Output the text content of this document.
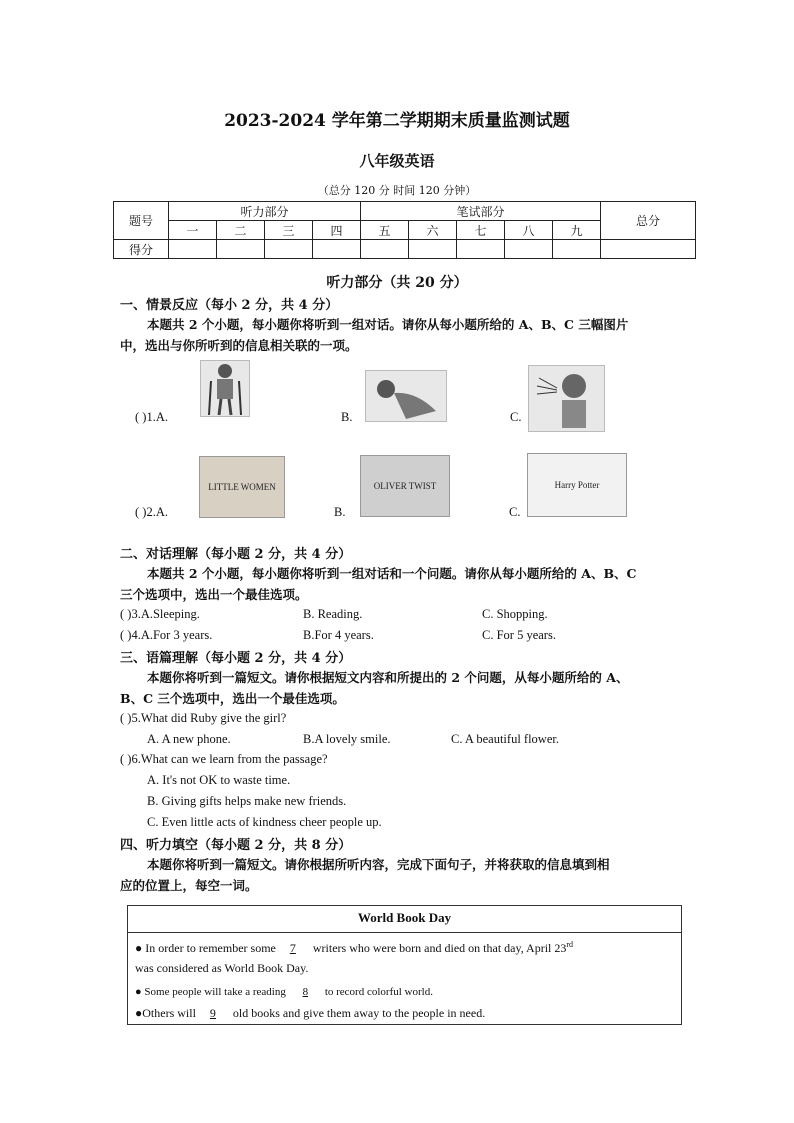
2023-2024 学年第二学期期末质量监测试题
八年级英语
（总分 120 分 时间 120 分钟）
题号	听力部分				笔试部分					总分
	一	二	三	四	五	六	七	八	九	
得分										
听力部分（共 20 分）
一、情景反应（每小 2 分，共 4 分）
本题共 2 个小题，每小题你将听到一组对话。请你从每小题所给的 A、B、C 三幅图片
中，选出与你所听到的信息相关联的一项。
( )1.A.	B.	C.
( )2.A.
LITTLE WOMEN
B.
OLIVER TWIST
C.
Harry Potter
二、对话理解（每小题 2 分，共 4 分）
本题共 2 个小题，每小题你将听到一组对话和一个问题。请你从每小题所给的 A、B、C
三个选项中，选出一个最佳选项。
( )3.A.Sleeping.	B. Reading.	C. Shopping.
( )4.A.For 3 years.	B.For 4 years.	C. For 5 years.
三、语篇理解（每小题 2 分，共 4 分）
本题你将听到一篇短文。请你根据短文内容和所提出的 2 个问题，从每小题所给的 A、
B、C 三个选项中，选出一个最佳选项。
( )5.What did Ruby give the girl?
A. A new phone.	B.A lovely smile.	C. A beautiful flower.
( )6.What can we learn from the passage?
A. It's not OK to waste time.
B. Giving gifts helps make new friends.
C. Even little acts of kindness cheer people up.
四、听力填空（每小题 2 分，共 8 分）
本题你将听到一篇短文。请你根据所听内容，完成下面句子，并将获取的信息填到相
应的位置上，每空一词。
World Book Day
● In order to remember some 7 writers who were born and died on that day, April 23rd
was considered as World Book Day.
● Some people will take a reading 8 to record colorful world.
●Others will 9 old books and give them away to the people in need.
